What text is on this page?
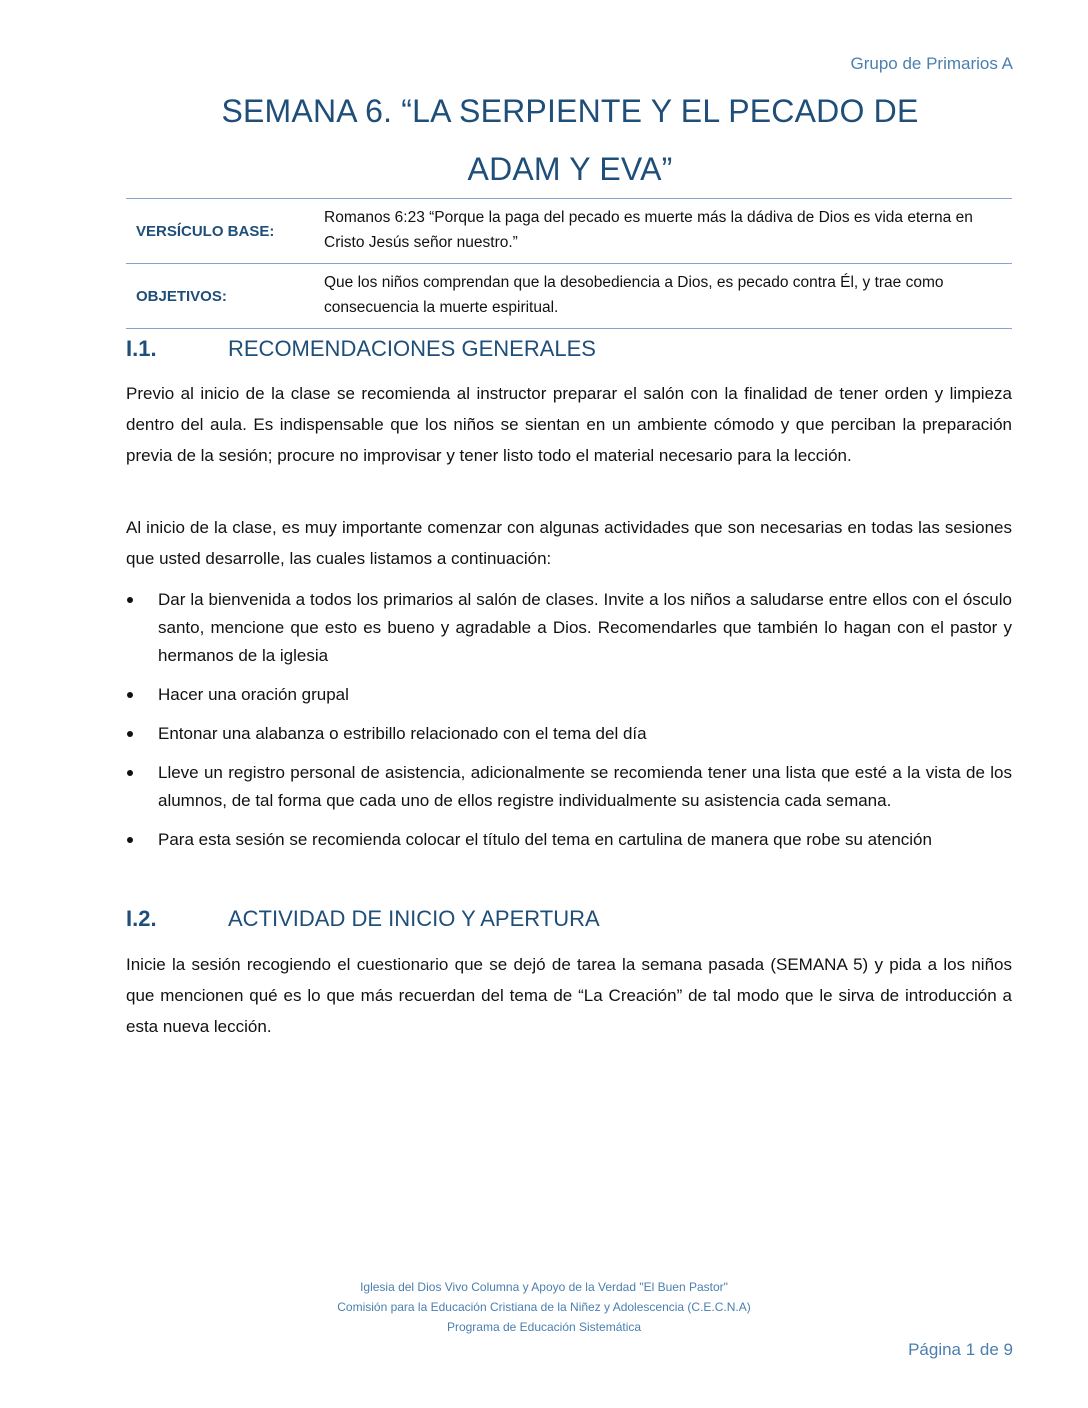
Grupo de Primarios A
SEMANA 6. “LA SERPIENTE Y EL PECADO DE
ADAM Y EVA”
VERSÍCULO BASE:	Romanos 6:23 “Porque la paga del pecado es muerte más la dádiva de Dios es vida eterna en Cristo Jesús señor nuestro.”
OBJETIVOS:	Que los niños comprendan que la desobediencia a Dios, es pecado contra Él, y trae como consecuencia la muerte espiritual.
I.1.	RECOMENDACIONES GENERALES
Previo al inicio de la clase se recomienda al instructor preparar el salón con la finalidad de tener orden y limpieza dentro del aula. Es indispensable que los niños se sientan en un ambiente cómodo y que perciban la preparación previa de la sesión; procure no improvisar y tener listo todo el material necesario para la lección.
Al inicio de la clase, es muy importante comenzar con algunas actividades que son necesarias en todas las sesiones que usted desarrolle, las cuales listamos a continuación:
Dar la bienvenida a todos los primarios al salón de clases. Invite a los niños a saludarse entre ellos con el ósculo santo, mencione que esto es bueno y agradable a Dios. Recomendarles que también lo hagan con el pastor y hermanos de la iglesia
Hacer una oración grupal
Entonar una alabanza o estribillo relacionado con el tema del día
Lleve un registro personal de asistencia, adicionalmente se recomienda tener una lista que esté a la vista de los alumnos, de tal forma que cada uno de ellos registre individualmente su asistencia cada semana.
Para esta sesión se recomienda colocar el título del tema en cartulina de manera que robe su atención
I.2.	ACTIVIDAD DE INICIO Y APERTURA
Inicie la sesión recogiendo el cuestionario que se dejó de tarea la semana pasada (SEMANA 5) y pida a los niños que mencionen qué es lo que más recuerdan del tema de “La Creación” de tal modo que le sirva de introducción a esta nueva lección.
Iglesia del Dios Vivo Columna y Apoyo de la Verdad "El Buen Pastor"
Comisión para la Educación Cristiana de la Niñez y Adolescencia (C.E.C.N.A)
Programa de Educación Sistemática
Página 1 de 9
